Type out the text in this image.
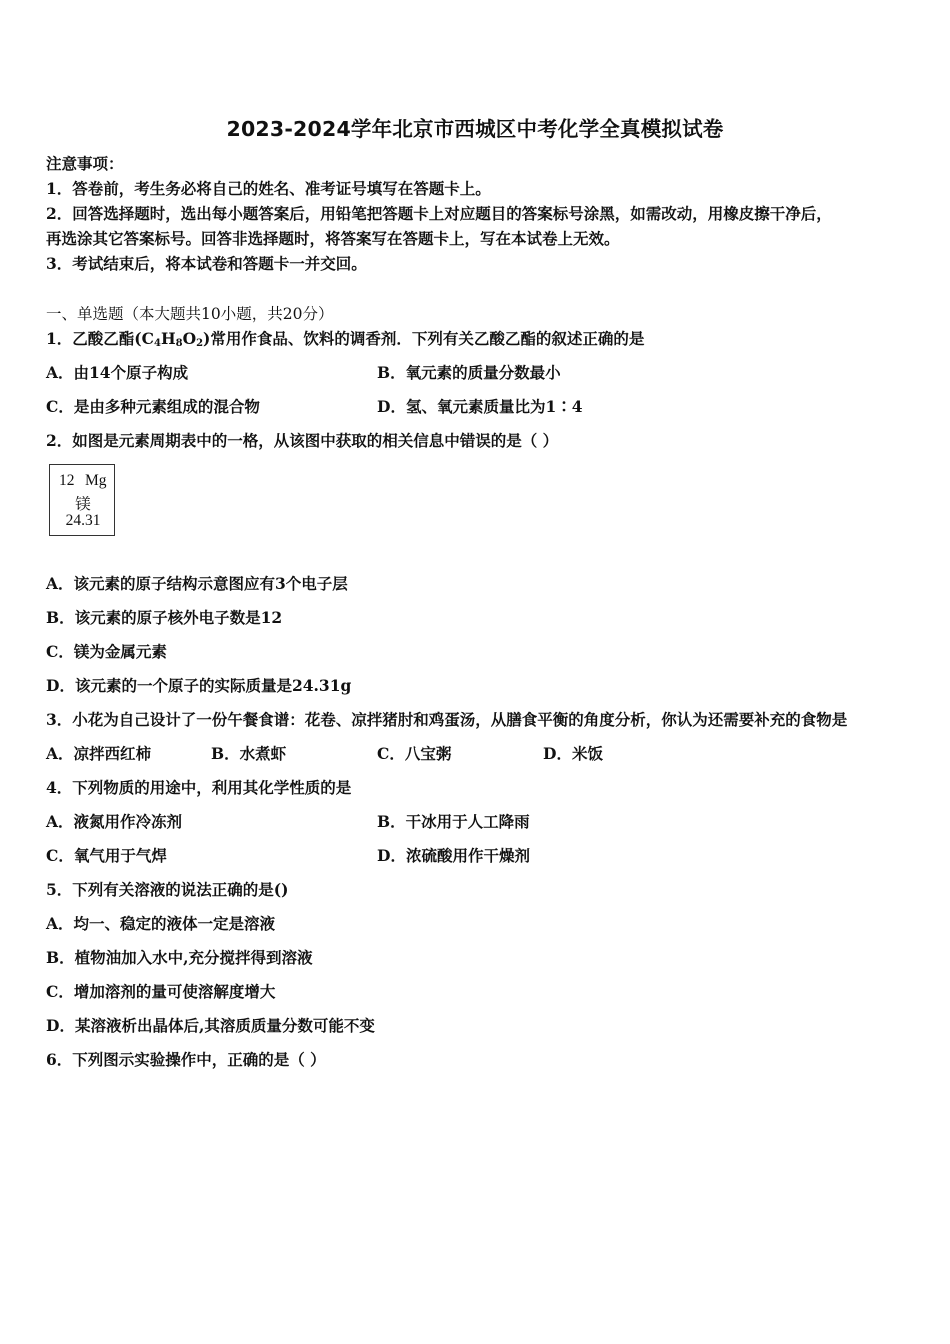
2023-2024学年北京市西城区中考化学全真模拟试卷
注意事项：
1．答卷前，考生务必将自己的姓名、准考证号填写在答题卡上。
2．回答选择题时，选出每小题答案后，用铅笔把答题卡上对应题目的答案标号涂黑，如需改动，用橡皮擦干净后，
再选涂其它答案标号。回答非选择题时，将答案写在答题卡上，写在本试卷上无效。
3．考试结束后，将本试卷和答题卡一并交回。
一、单选题（本大题共10小题，共20分）
1．乙酸乙酯$(C_4H_8O_2)$常用作食品、饮料的调香剂．下列有关乙酸乙酯的叙述正确的是
A．由14个原子构成	B．氧元素的质量分数最小
C．是由多种元素组成的混合物	D．氢、氧元素质量比为1∶4
2．如图是元素周期表中的一格，从该图中获取的相关信息中错误的是（ ）
12 Mg
镁
24.31
A．该元素的原子结构示意图应有3个电子层
B．该元素的原子核外电子数是12
C．镁为金属元素
D．该元素的一个原子的实际质量是24.31g
3．小花为自己设计了一份午餐食谱：花卷、凉拌猪肘和鸡蛋汤，从膳食平衡的角度分析，你认为还需要补充的食物是
A．凉拌西红柿	B．水煮虾	C．八宝粥	D．米饭
4．下列物质的用途中，利用其化学性质的是
A．液氮用作冷冻剂	B．干冰用于人工降雨
C．氧气用于气焊	D．浓硫酸用作干燥剂
5．下列有关溶液的说法正确的是()
A．均一、稳定的液体一定是溶液
B．植物油加入水中,充分搅拌得到溶液
C．增加溶剂的量可使溶解度增大
D．某溶液析出晶体后,其溶质质量分数可能不变
6．下列图示实验操作中，正确的是（ ）
